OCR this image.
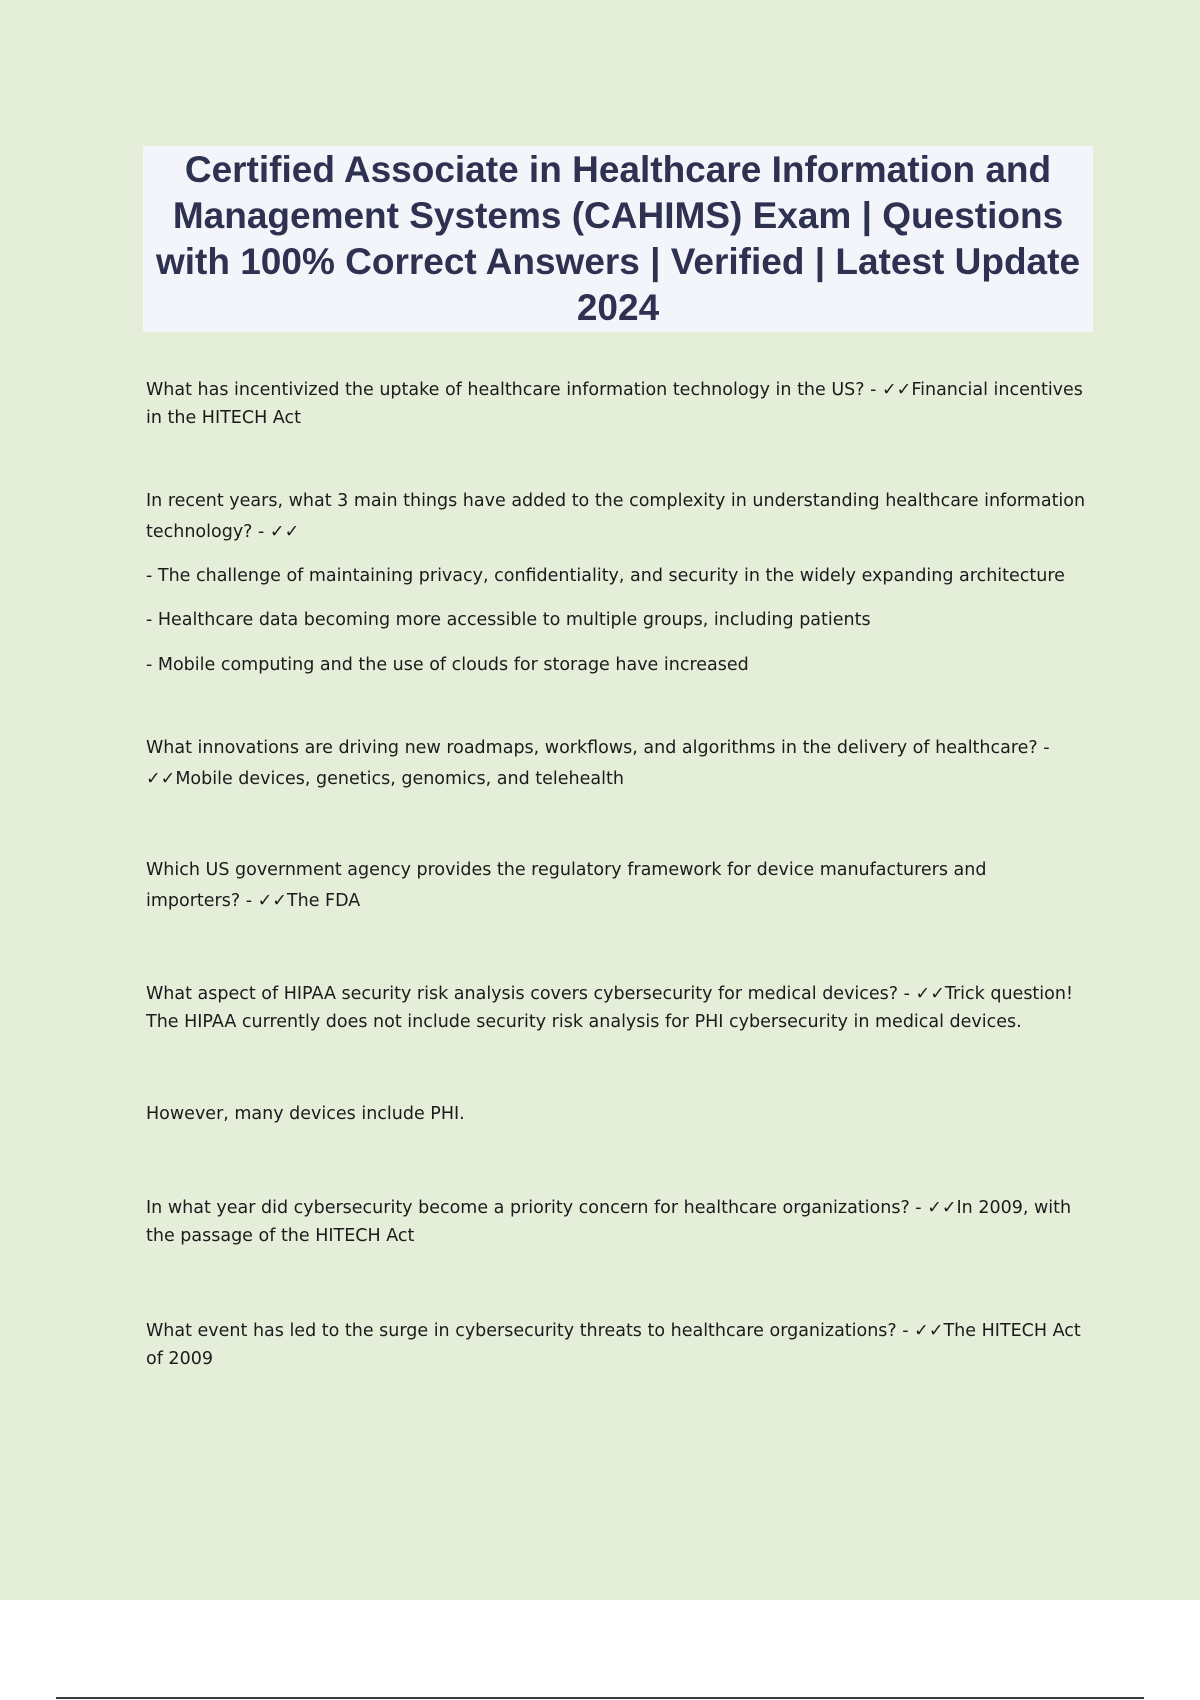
Certified Associate in Healthcare Information and Management Systems (CAHIMS) Exam | Questions with 100% Correct Answers | Verified | Latest Update 2024

What has incentivized the uptake of healthcare information technology in the US? - ✓✓Financial incentives in the HITECH Act

In recent years, what 3 main things have added to the complexity in understanding healthcare information technology? - ✓✓

- The challenge of maintaining privacy, confidentiality, and security in the widely expanding architecture

- Healthcare data becoming more accessible to multiple groups, including patients

- Mobile computing and the use of clouds for storage have increased

What innovations are driving new roadmaps, workflows, and algorithms in the delivery of healthcare? - ✓✓Mobile devices, genetics, genomics, and telehealth

Which US government agency provides the regulatory framework for device manufacturers and importers? - ✓✓The FDA

What aspect of HIPAA security risk analysis covers cybersecurity for medical devices? - ✓✓Trick question! The HIPAA currently does not include security risk analysis for PHI cybersecurity in medical devices.

However, many devices include PHI.

In what year did cybersecurity become a priority concern for healthcare organizations? - ✓✓In 2009, with the passage of the HITECH Act

What event has led to the surge in cybersecurity threats to healthcare organizations? - ✓✓The HITECH Act of 2009
